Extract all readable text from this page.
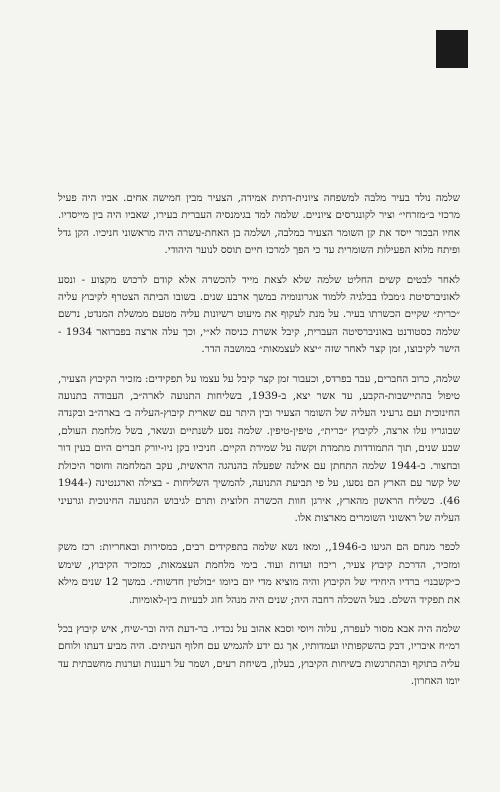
שלמה נולד בעיר מלבה למשפחה ציונית-דתית אמידה, הצעיר מבין חמישה אחים. אביו היה פעיל מרכזי ב״מזרחי״ וציר לקונגרסים ציוניים. שלמה למד בגימנסיה העברית בעירו, שאביו היה בין מייסדיו. אחיו הבכור ייסד את קן השומר הצעיר במלבה, ושלמה בן האחת-עשרה היה מראשוני חניכיו. הקן גדל ופיתח מלוא הפעילות השומרית עד כי הפך למרכז חיים תוסס לנוער היהודי.

לאחר לבטים קשים החליט שלמה שלא לצאת מייד להכשרה אלא קודם לרכוש מקצוע - ונסע לאוניברסיטת ג׳מבלו בבלגיה ללמוד אגרונומיה במשך ארבע שנים. בשובו הביתה הצטרף לקיבוץ עליה ״כרית״ שקיים הכשרתו בעיר. על מנת לעקוף את מיעוט רשיונות עליה מטעם ממשלת המנדט, נרשם שלמה כסטודנט באוניברסיטה העברית, קיבל אשרת כניסה לא״י, וכך עלה ארצה בפברואר 1934 - הישר לקיבוצו, זמן קצר לאחר שזה ״יצא לעצמאות״ במושבה הדר.

שלמה, כרוב החברים, עבד בפרדס, וכעבור זמן קצר קיבל על עצמו על תפקידים: מזכיר הקיבוץ הצעיר, טיפול בהתיישבות-הקבע, עד אשר יצא, ב-1939, בשליחות התנועה לארה״ב, העבודה בתנועה החינוכית ועם גרעיני העליה של השומר הצעיר ובין היתר עם שארית קיבוץ-העליה ב׳ בארה״ב ובקנדה שבוגריו עלו ארצה, לקיבוץ ״כרית״, טיפין-טיפין. שלמה נסע לשנתיים ונשאר, בשל מלחמת העולם, שבע שנים, תוך התמודדות מתמדת וקשה על שמירת הקיים. חניכיו בקן ניו-יורק חברים היום בעין דור ובחצור. ב-1944 שלמה התחתן עם אילנה שפעלה בהנהגה הראשית, עקב המלחמה וחוסר היכולת של קשר עם הארץ הם נסעו, על פי תביעת התנועה, להמשיך השליחות - בצילה וארגנטינה (1944-46). כשליח הראשון מהארץ, אירגן חוות הכשרה חלוצית ותרם לגיבוש התנועה החינוכית וגרעיני העליה של ראשוני השומרים מארצות אלו.

לכפר מנחם הם הגיעו ב-1946,, ומאז נשא שלמה בתפקידים רבים, במסירות ובאחריות: רכז משק ומזכיר, הדרכת קיבוץ צעיר, ריכוז ועדות ועוד. בימי מלחמת העצמאות, כמזכיר הקיבוץ, שימש כ״קשבנו״ ברדיו היחידי של הקיבוץ והיה מוציא מדי יום ביומו ״בולטין חדשות״. במשך 12 שנים מילא את תפקיד השלם. בעל השכלה רחבה היה; שנים היה מנהל חוג לבעיות בין-לאומיות.

שלמה היה אבא מסור לעפרה, עלוה ויוסי וסבא אהוב על נכדיו. בר-דעת היה ובר-שיח, איש קיבוץ בכל רמ״ח איבריו, דבק בהשקפותיו ועמדותיו, אך גם ידע להגמיש עם חלוף העיתים. היה מביע דעתו ולוחם עליה בתוקף ובהתרגשות בשיחות הקיבוץ, בעלון, בשיחת רעים, ושמר על רעננות וערנות מחשבתית עד יומו האחרון.
